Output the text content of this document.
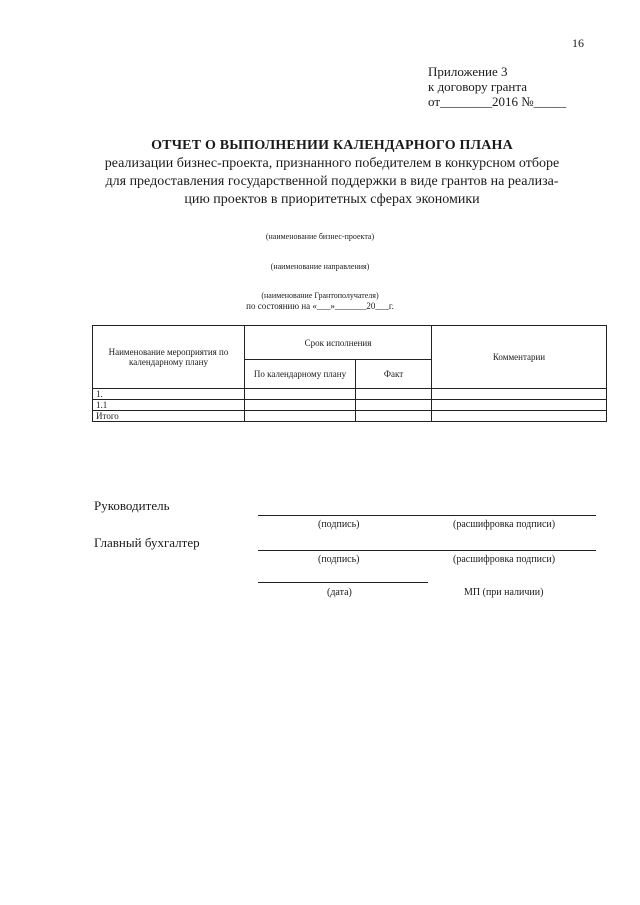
16
Приложение 3
к договору гранта
от________2016 №_____
ОТЧЕТ О ВЫПОЛНЕНИИ КАЛЕНДАРНОГО ПЛАНА
реализации бизнес-проекта, признанного победителем в конкурсном отборе
для предоставления государственной поддержки в виде грантов на реализа-
цию проектов в приоритетных сферах экономики
(наименование бизнес-проекта)
(наименование направления)
(наименование Грантополучателя)
по состоянию на «___»_______20___г.
Наименование мероприятия по календарному плану	Срок исполнения		Комментарии
	По календарному плану	Факт	
1.			
1.1			
Итого			
Руководитель
(подпись)	(расшифровка подписи)
Главный бухгалтер
(подпись)	(расшифровка подписи)
(дата)	МП (при наличии)
